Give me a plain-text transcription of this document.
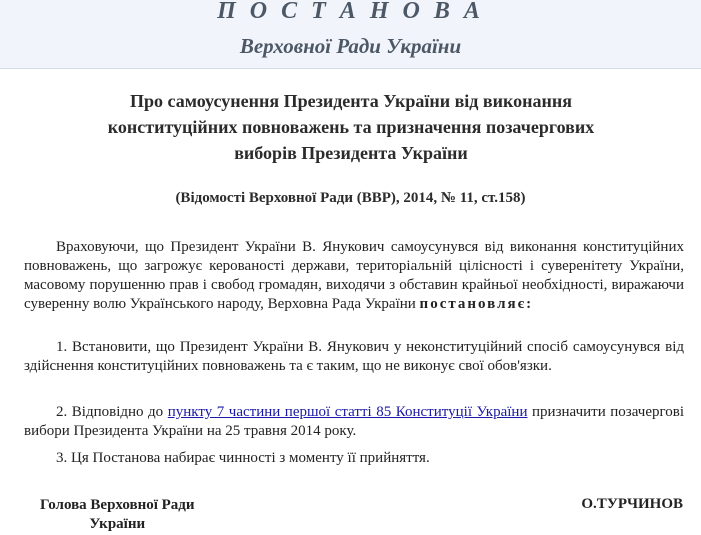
П О С Т А Н О В А
Верховної Ради України
Про самоусунення Президента України від виконання
конституційних повноважень та призначення позачергових
виборів Президента України
(Відомості Верховної Ради (ВВР), 2014, № 11, ст.158)
Враховуючи, що Президент України В. Янукович самоусунувся від виконання конституційних повноважень, що загрожує керованості держави, територіальній цілісності і суверенітету України, масовому порушенню прав і свобод громадян, виходячи з обставин крайньої необхідності, виражаючи суверенну волю Українського народу, Верховна Рада України постановляє:
1. Встановити, що Президент України В. Янукович у неконституційний спосіб самоусунувся від здійснення конституційних повноважень та є таким, що не виконує свої обов'язки.
2. Відповідно до пункту 7 частини першої статті 85 Конституції України призначити позачергові вибори Президента України на 25 травня 2014 року.
3. Ця Постанова набирає чинності з моменту її прийняття.
Голова Верховної Ради
України
О.ТУРЧИНОВ
